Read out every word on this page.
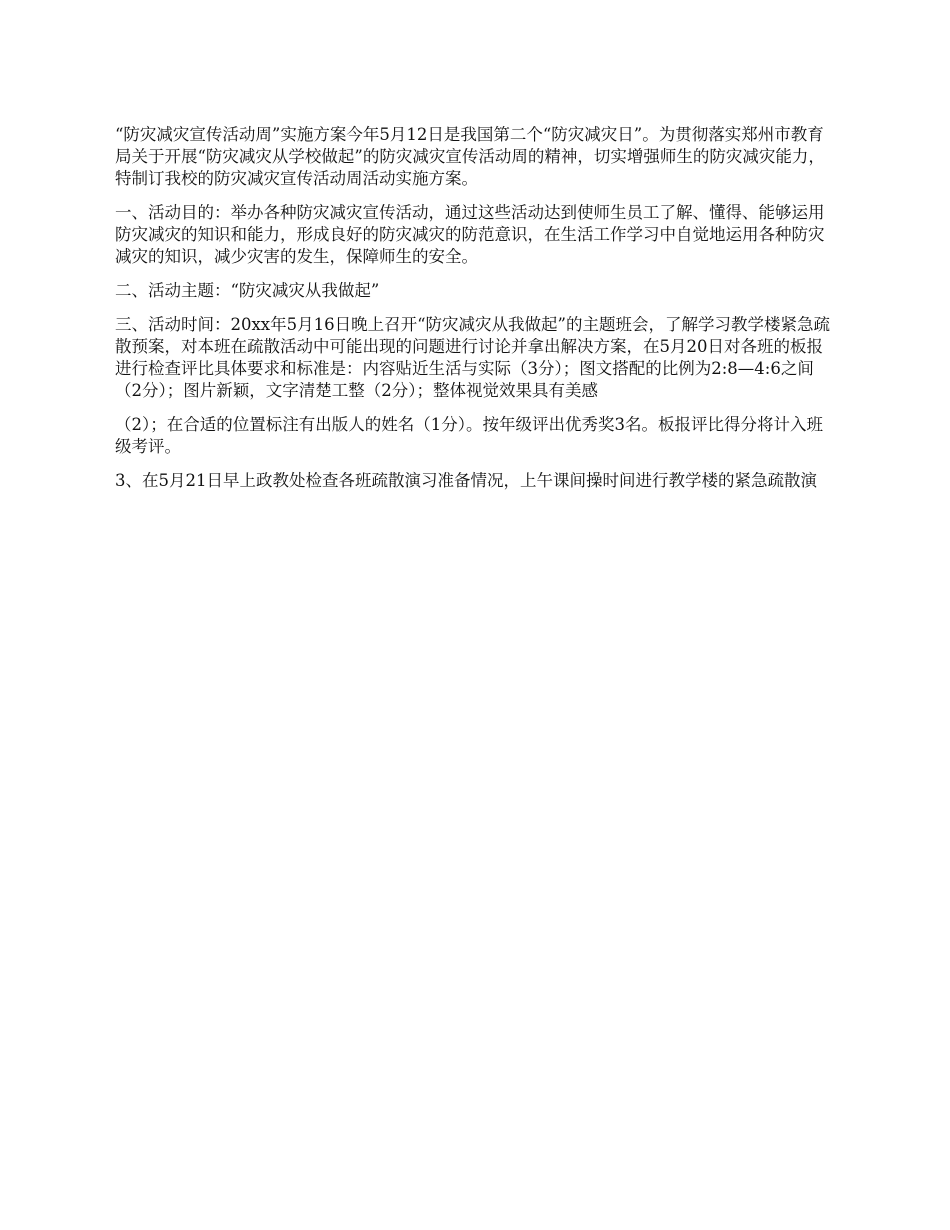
“防灾减灾宣传活动周”实施方案今年5月12日是我国第二个“防灾减灾日”。为贯彻落实郑州市教育局关于开展“防灾减灾从学校做起”的防灾减灾宣传活动周的精神，切实增强师生的防灾减灾能力，特制订我校的防灾减灾宣传活动周活动实施方案。

一、活动目的：举办各种防灾减灾宣传活动，通过这些活动达到使师生员工了解、懂得、能够运用防灾减灾的知识和能力，形成良好的防灾减灾的防范意识，在生活工作学习中自觉地运用各种防灾减灾的知识，减少灾害的发生，保障师生的安全。

二、活动主题：“防灾减灾从我做起”

三、活动时间：20xx年5月16日晚上召开“防灾减灾从我做起”的主题班会，了解学习教学楼紧急疏散预案，对本班在疏散活动中可能出现的问题进行讨论并拿出解决方案，在5月20日对各班的板报进行检查评比具体要求和标准是：内容贴近生活与实际（3分）；图文搭配的比例为2:8—4:6之间（2分）；图片新颖，文字清楚工整（2分）；整体视觉效果具有美感

（2）；在合适的位置标注有出版人的姓名（1分）。按年级评出优秀奖3名。板报评比得分将计入班级考评。

3、在5月21日早上政教处检查各班疏散演习准备情况，上午课间操时间进行教学楼的紧急疏散演
